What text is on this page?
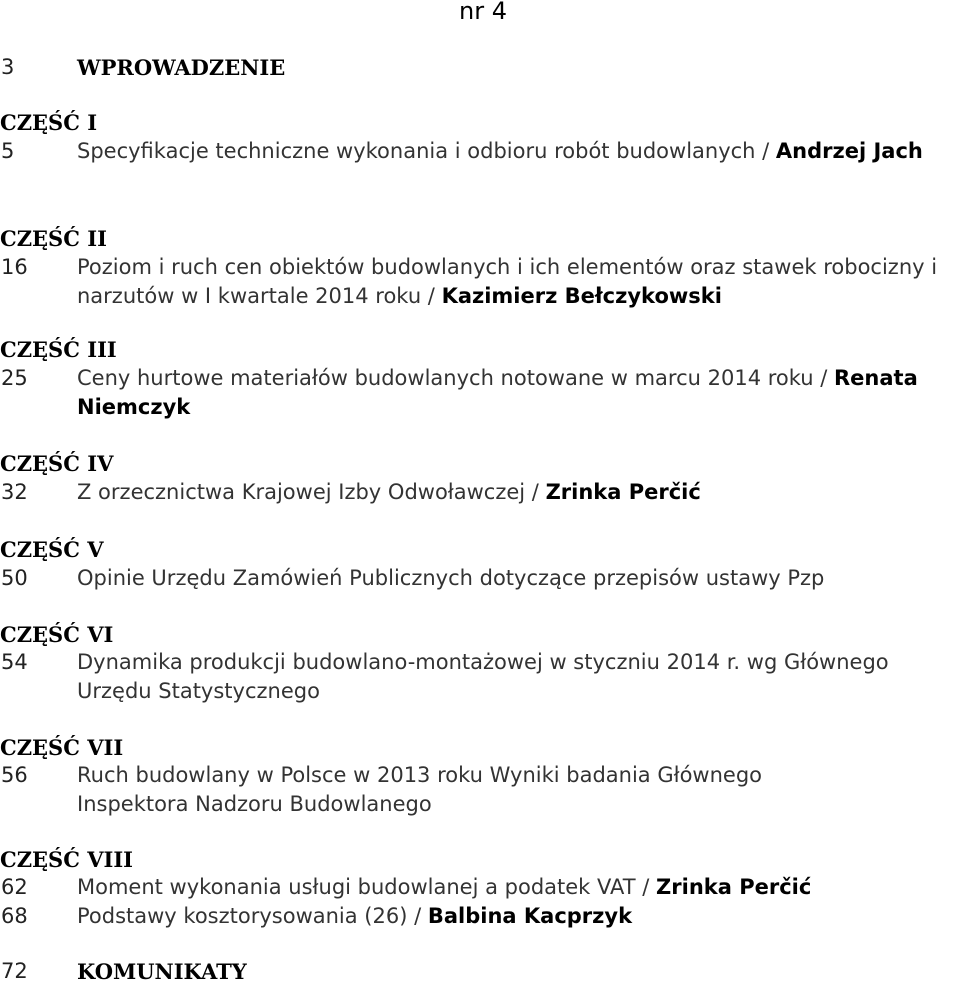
nr 4
3	WPROWADZENIE
CZĘŚĆ I
5	Specyfikacje techniczne wykonania i odbioru robót budowlanych / Andrzej Jach
CZĘŚĆ II
16 Poziom i ruch cen obiektów budowlanych i ich elementów oraz stawek robocizny i narzutów w I kwartale 2014 roku / Kazimierz Bełczykowski
CZĘŚĆ III
25 Ceny hurtowe materiałów budowlanych notowane w marcu 2014 roku / Renata Niemczyk
CZĘŚĆ IV
32 Z orzecznictwa Krajowej Izby Odwoławczej / Zrinka Perčić
CZĘŚĆ V
50 Opinie Urzędu Zamówień Publicznych dotyczące przepisów ustawy Pzp
CZĘŚĆ VI
54 Dynamika produkcji budowlano-montażowej w styczniu 2014 r. wg Głównego Urzędu Statystycznego
CZĘŚĆ VII
56 Ruch budowlany w Polsce w 2013 roku Wyniki badania Głównego Inspektora Nadzoru Budowlanego
CZĘŚĆ VIII
62 Moment wykonania usługi budowlanej a podatek VAT / Zrinka Perčić
68 Podstawy kosztorysowania (26) / Balbina Kacprzyk
72 KOMUNIKATY
